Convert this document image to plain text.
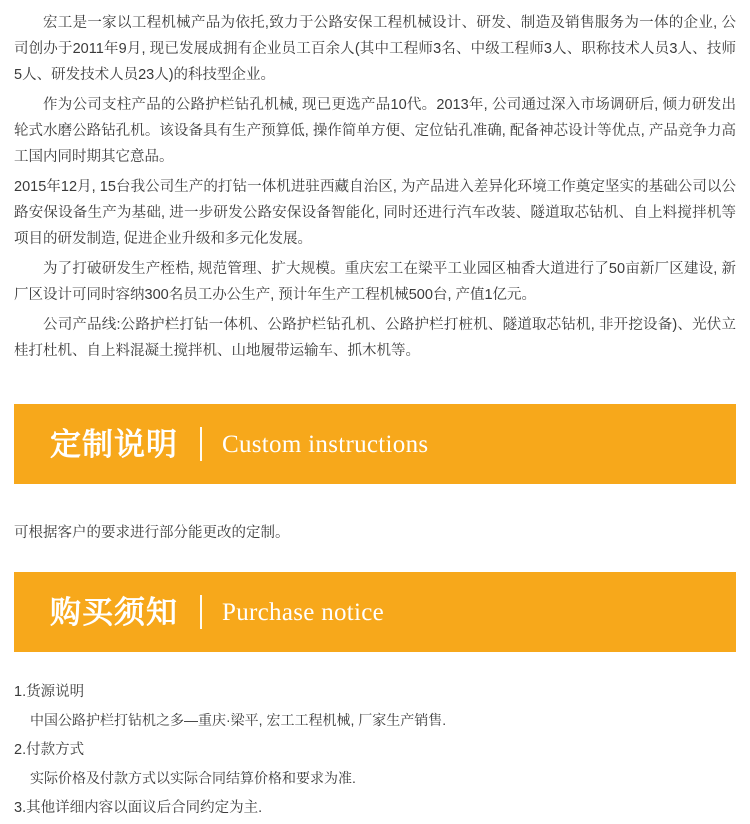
宏工是一家以工程机械产品为依托,致力于公路安保工程机械设计、研发、制造及销售服务为一体的企业, 公司创办于2011年9月, 现已发展成拥有企业员工百余人(其中工程师3名、中级工程师3人、职称技术人员3人、技师5人、研发技术人员23人)的科技型企业。

作为公司支柱产品的公路护栏钻孔机械, 现已更选产品10代。2013年, 公司通过深入市场调研后, 倾力研发出轮式水磨公路钻孔机。该设备具有生产预算低, 操作简单方便、定位钻孔准确, 配备神芯设计等优点, 产品竞争力高工国内同时期其它意品。

2015年12月, 15台我公司生产的打钻一体机进驻西藏自治区, 为产品进入差异化环境工作奠定坚实的基础公司以公路安保设备生产为基础, 进一步研发公路安保设备智能化, 同时还进行汽车改装、隧道取芯钻机、自上料搅拌机等项目的研发制造, 促进企业升级和多元化发展。

为了打破研发生产桎梏, 规范管理、扩大规模。重庆宏工在梁平工业园区柚香大道进行了50亩新厂区建设, 新厂区设计可同时容纳300名员工办公生产, 预计年生产工程机械500台, 产值1亿元。

公司产品线:公路护栏打钻一体机、公路护栏钻孔机、公路护栏打桩机、隧道取芯钻机, 非开挖设备)、光伏立桂打杜机、自上料混凝土搅拌机、山地履带运输车、抓木机等。

定制说明 Custom instructions

可根据客户的要求进行部分能更改的定制。

购买须知 Purchase notice
1.货源说明
中国公路护栏打钻机之多—重庆·梁平, 宏工工程机械, 厂家生产销售.
2.付款方式
实际价格及付款方式以实际合同结算价格和要求为准.
3.其他详细内容以面议后合同约定为主.
